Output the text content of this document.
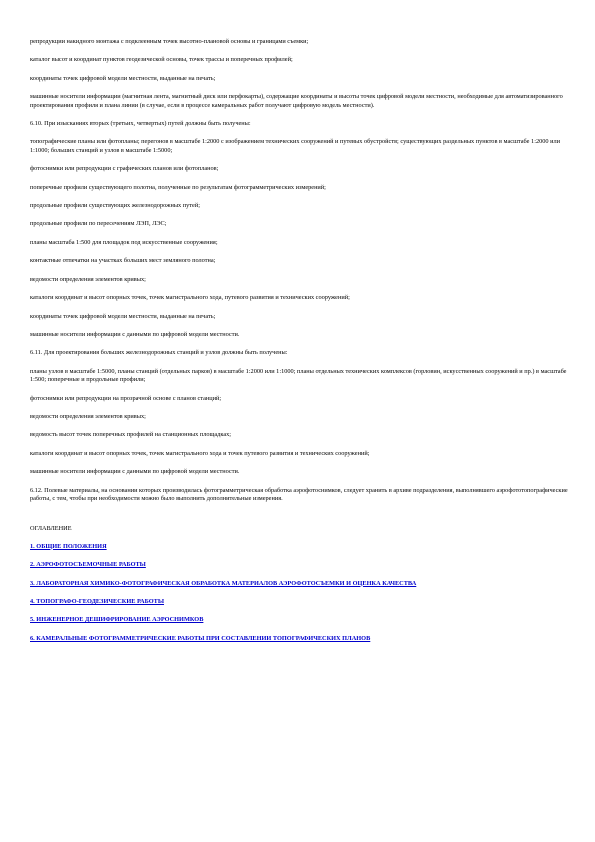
репродукции накидного монтажа с подклеенным точек высотно-плановой основы и границами съемки;

каталог высот и координат пунктов геодезической основы, точек трассы и поперечных профилей;

координаты точек цифровой модели местности, выданные на печать;

машинные носители информации (магнитная лента, магнитный диск или перфокарты), содержащие координаты и высоты точек цифровой модели местности, необходимые для автоматизированного проектирования профиля и плана линии (в случае, если в процессе камеральных работ получают цифровую модель местности).

6.10. При изысканиях вторых (третьих, четвертых) путей должны быть получены:

топографические планы или фотопланы; перегонов в масштабе 1:2000 с изображением технических сооружений и путевых обустройств; существующих раздельных пунктов в масштабе 1:2000 или 1:1000; больших станций и узлов в масштабе 1:5000;

фотоснимки или репродукции с графических планов или фотопланов;

поперечные профили существующего полотна, полученные по результатам фотограмметрических измерений;

продольные профили существующих железнодорожных путей;

продольные профили по пересечениям ЛЭП, ЛЭС;

планы масштаба 1:500 для площадок под искусственные сооружения;

контактные отпечатки на участках больших мест земляного полотна;

ведомости определения элементов кривых;

каталоги координат и высот опорных точек, точек магистрального хода, путевого развития и технических сооружений;

координаты точек цифровой модели местности, выданные на печать;

машинные носители информации с данными по цифровой модели местности.

6.11. Для проектирования больших железнодорожных станций и узлов должны быть получены:

планы узлов в масштабе 1:5000, планы станций (отдельных парков) в масштабе 1:2000 или 1:1000; планы отдельных технических комплексов (горловин, искусственных сооружений и пр.) в масштабе 1:500; поперечные и продольные профили;

фотоснимки или репродукции на прозрачной основе с планов станций;

ведомости определения элементов кривых;

ведомость высот точек поперечных профилей на станционных площадках;

каталоги координат и высот опорных точек, точек магистрального хода и точек путевого развития и технических сооружений;

машинные носители информации с данными по цифровой модели местности.

6.12. Полевые материалы, на основании которых производилась фотограмметрическая обработка аэрофотоснимков, следует хранить в архиве подразделения, выполнявшего аэрофототопографические работы, с тем, чтобы при необходимости можно было выполнить дополнительные измерения.

ОГЛАВЛЕНИЕ

1. ОБЩИЕ ПОЛОЖЕНИЯ
2. АЭРОФОТОСЪЕМОЧНЫЕ РАБОТЫ
3. ЛАБОРАТОРНАЯ ХИМИКО-ФОТОГРАФИЧЕСКАЯ ОБРАБОТКА МАТЕРИАЛОВ АЭРОФОТОСЪЕМКИ И ОЦЕНКА КАЧЕСТВА
4. ТОПОГРАФО-ГЕОДЕЗИЧЕСКИЕ РАБОТЫ
5. ИНЖЕНЕРНОЕ ДЕШИФРИРОВАНИЕ АЭРОСНИМКОВ
6. КАМЕРАЛЬНЫЕ ФОТОГРАММЕТРИЧЕСКИЕ РАБОТЫ ПРИ СОСТАВЛЕНИИ ТОПОГРАФИЧЕСКИХ ПЛАНОВ
